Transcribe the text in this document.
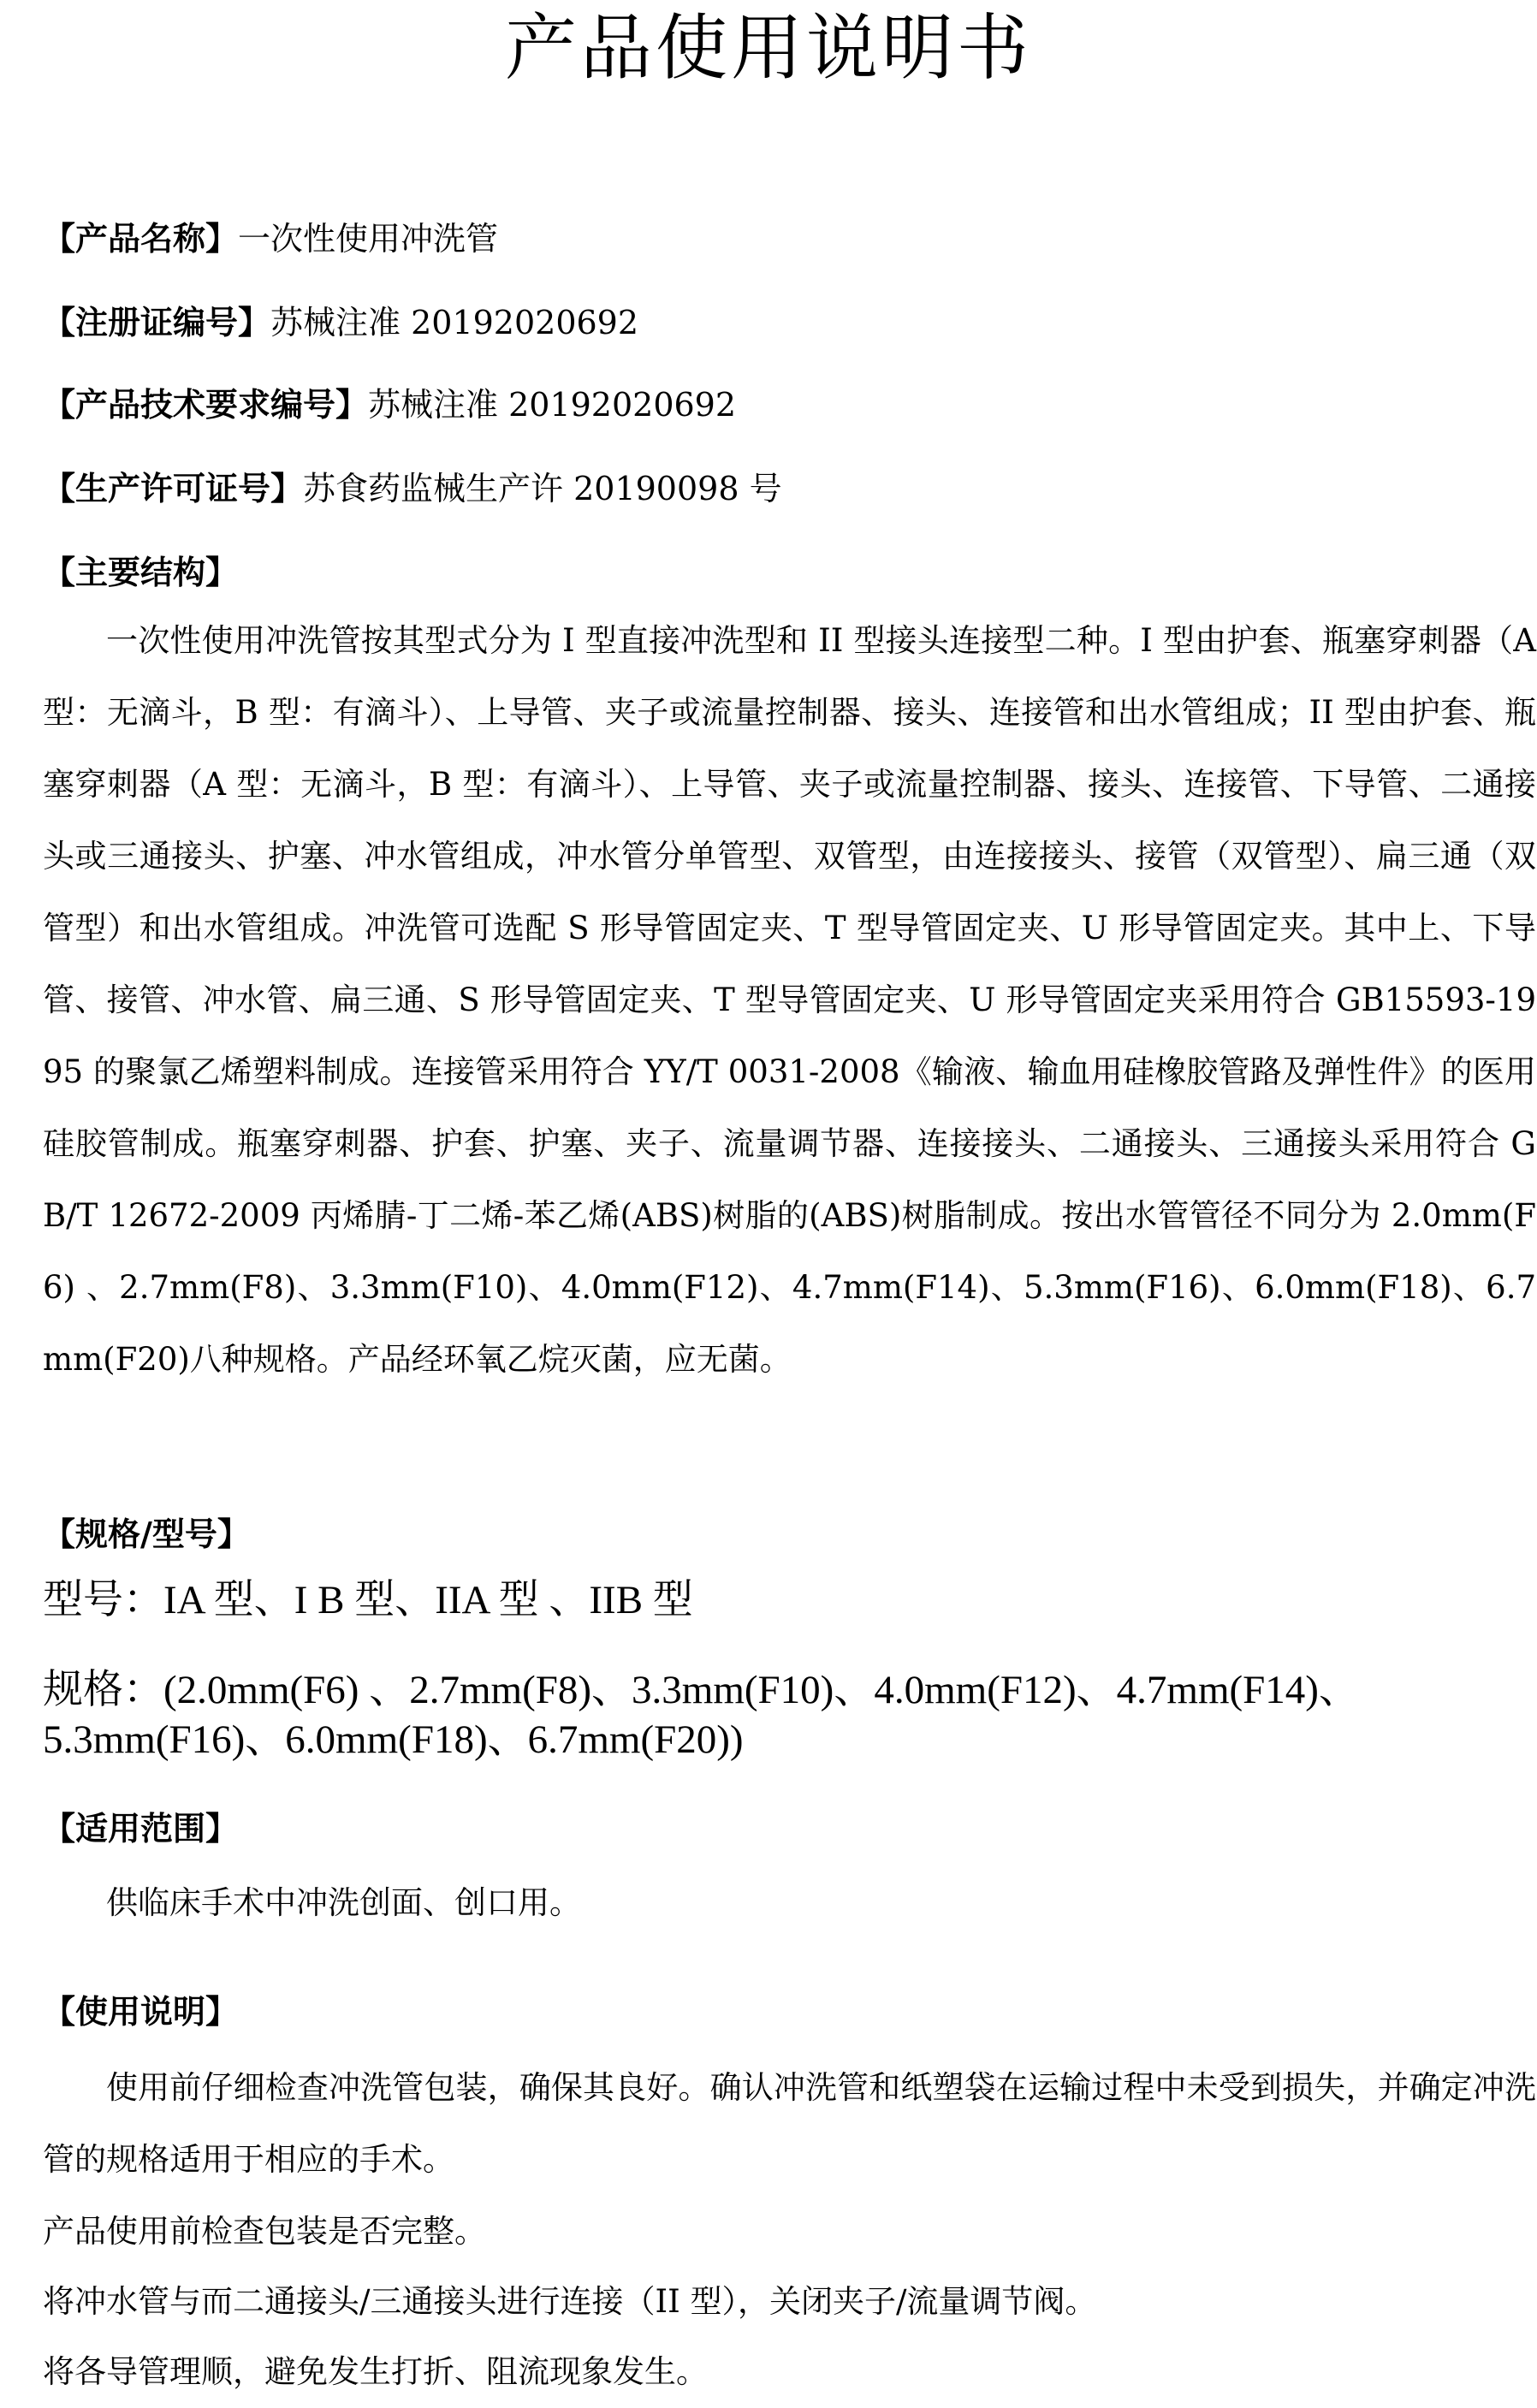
产品使用说明书
【产品名称】一次性使用冲洗管
【注册证编号】苏械注准 20192020692
【产品技术要求编号】苏械注准 20192020692
【生产许可证号】苏食药监械生产许 20190098 号
【主要结构】
一次性使用冲洗管按其型式分为 I 型直接冲洗型和 II 型接头连接型二种。I 型由护套、瓶塞穿刺器（A 型：无滴斗，B 型：有滴斗）、上导管、夹子或流量控制器、接头、连接管和出水管组成；II 型由护套、瓶塞穿刺器（A 型：无滴斗，B 型：有滴斗）、上导管、夹子或流量控制器、接头、连接管、下导管、二通接头或三通接头、护塞、冲水管组成，冲水管分单管型、双管型，由连接接头、接管（双管型）、扁三通（双管型）和出水管组成。冲洗管可选配 S 形导管固定夹、T 型导管固定夹、U 形导管固定夹。其中上、下导管、接管、冲水管、扁三通、S 形导管固定夹、T 型导管固定夹、U 形导管固定夹采用符合 GB15593-1995 的聚氯乙烯塑料制成。连接管采用符合 YY/T 0031-2008《输液、输血用硅橡胶管路及弹性件》的医用硅胶管制成。瓶塞穿刺器、护套、护塞、夹子、流量调节器、连接接头、二通接头、三通接头采用符合 GB/T 12672-2009 丙烯腈-丁二烯-苯乙烯(ABS)树脂的(ABS)树脂制成。按出水管管径不同分为 2.0mm(F6) 、2.7mm(F8)、3.3mm(F10)、4.0mm(F12)、4.7mm(F14)、5.3mm(F16)、6.0mm(F18)、6.7mm(F20)八种规格。产品经环氧乙烷灭菌，应无菌。
【规格/型号】
型号：IA 型、I B 型、IIA 型 、IIB 型
规格：(2.0mm(F6) 、2.7mm(F8)、3.3mm(F10)、4.0mm(F12)、4.7mm(F14)、5.3mm(F16)、6.0mm(F18)、6.7mm(F20))
【适用范围】
供临床手术中冲洗创面、创口用。
【使用说明】
使用前仔细检查冲洗管包装，确保其良好。确认冲洗管和纸塑袋在运输过程中未受到损失，并确定冲洗管的规格适用于相应的手术。
产品使用前检查包装是否完整。
将冲水管与而二通接头/三通接头进行连接（II 型），关闭夹子/流量调节阀。
将各导管理顺，避免发生打折、阻流现象发生。
